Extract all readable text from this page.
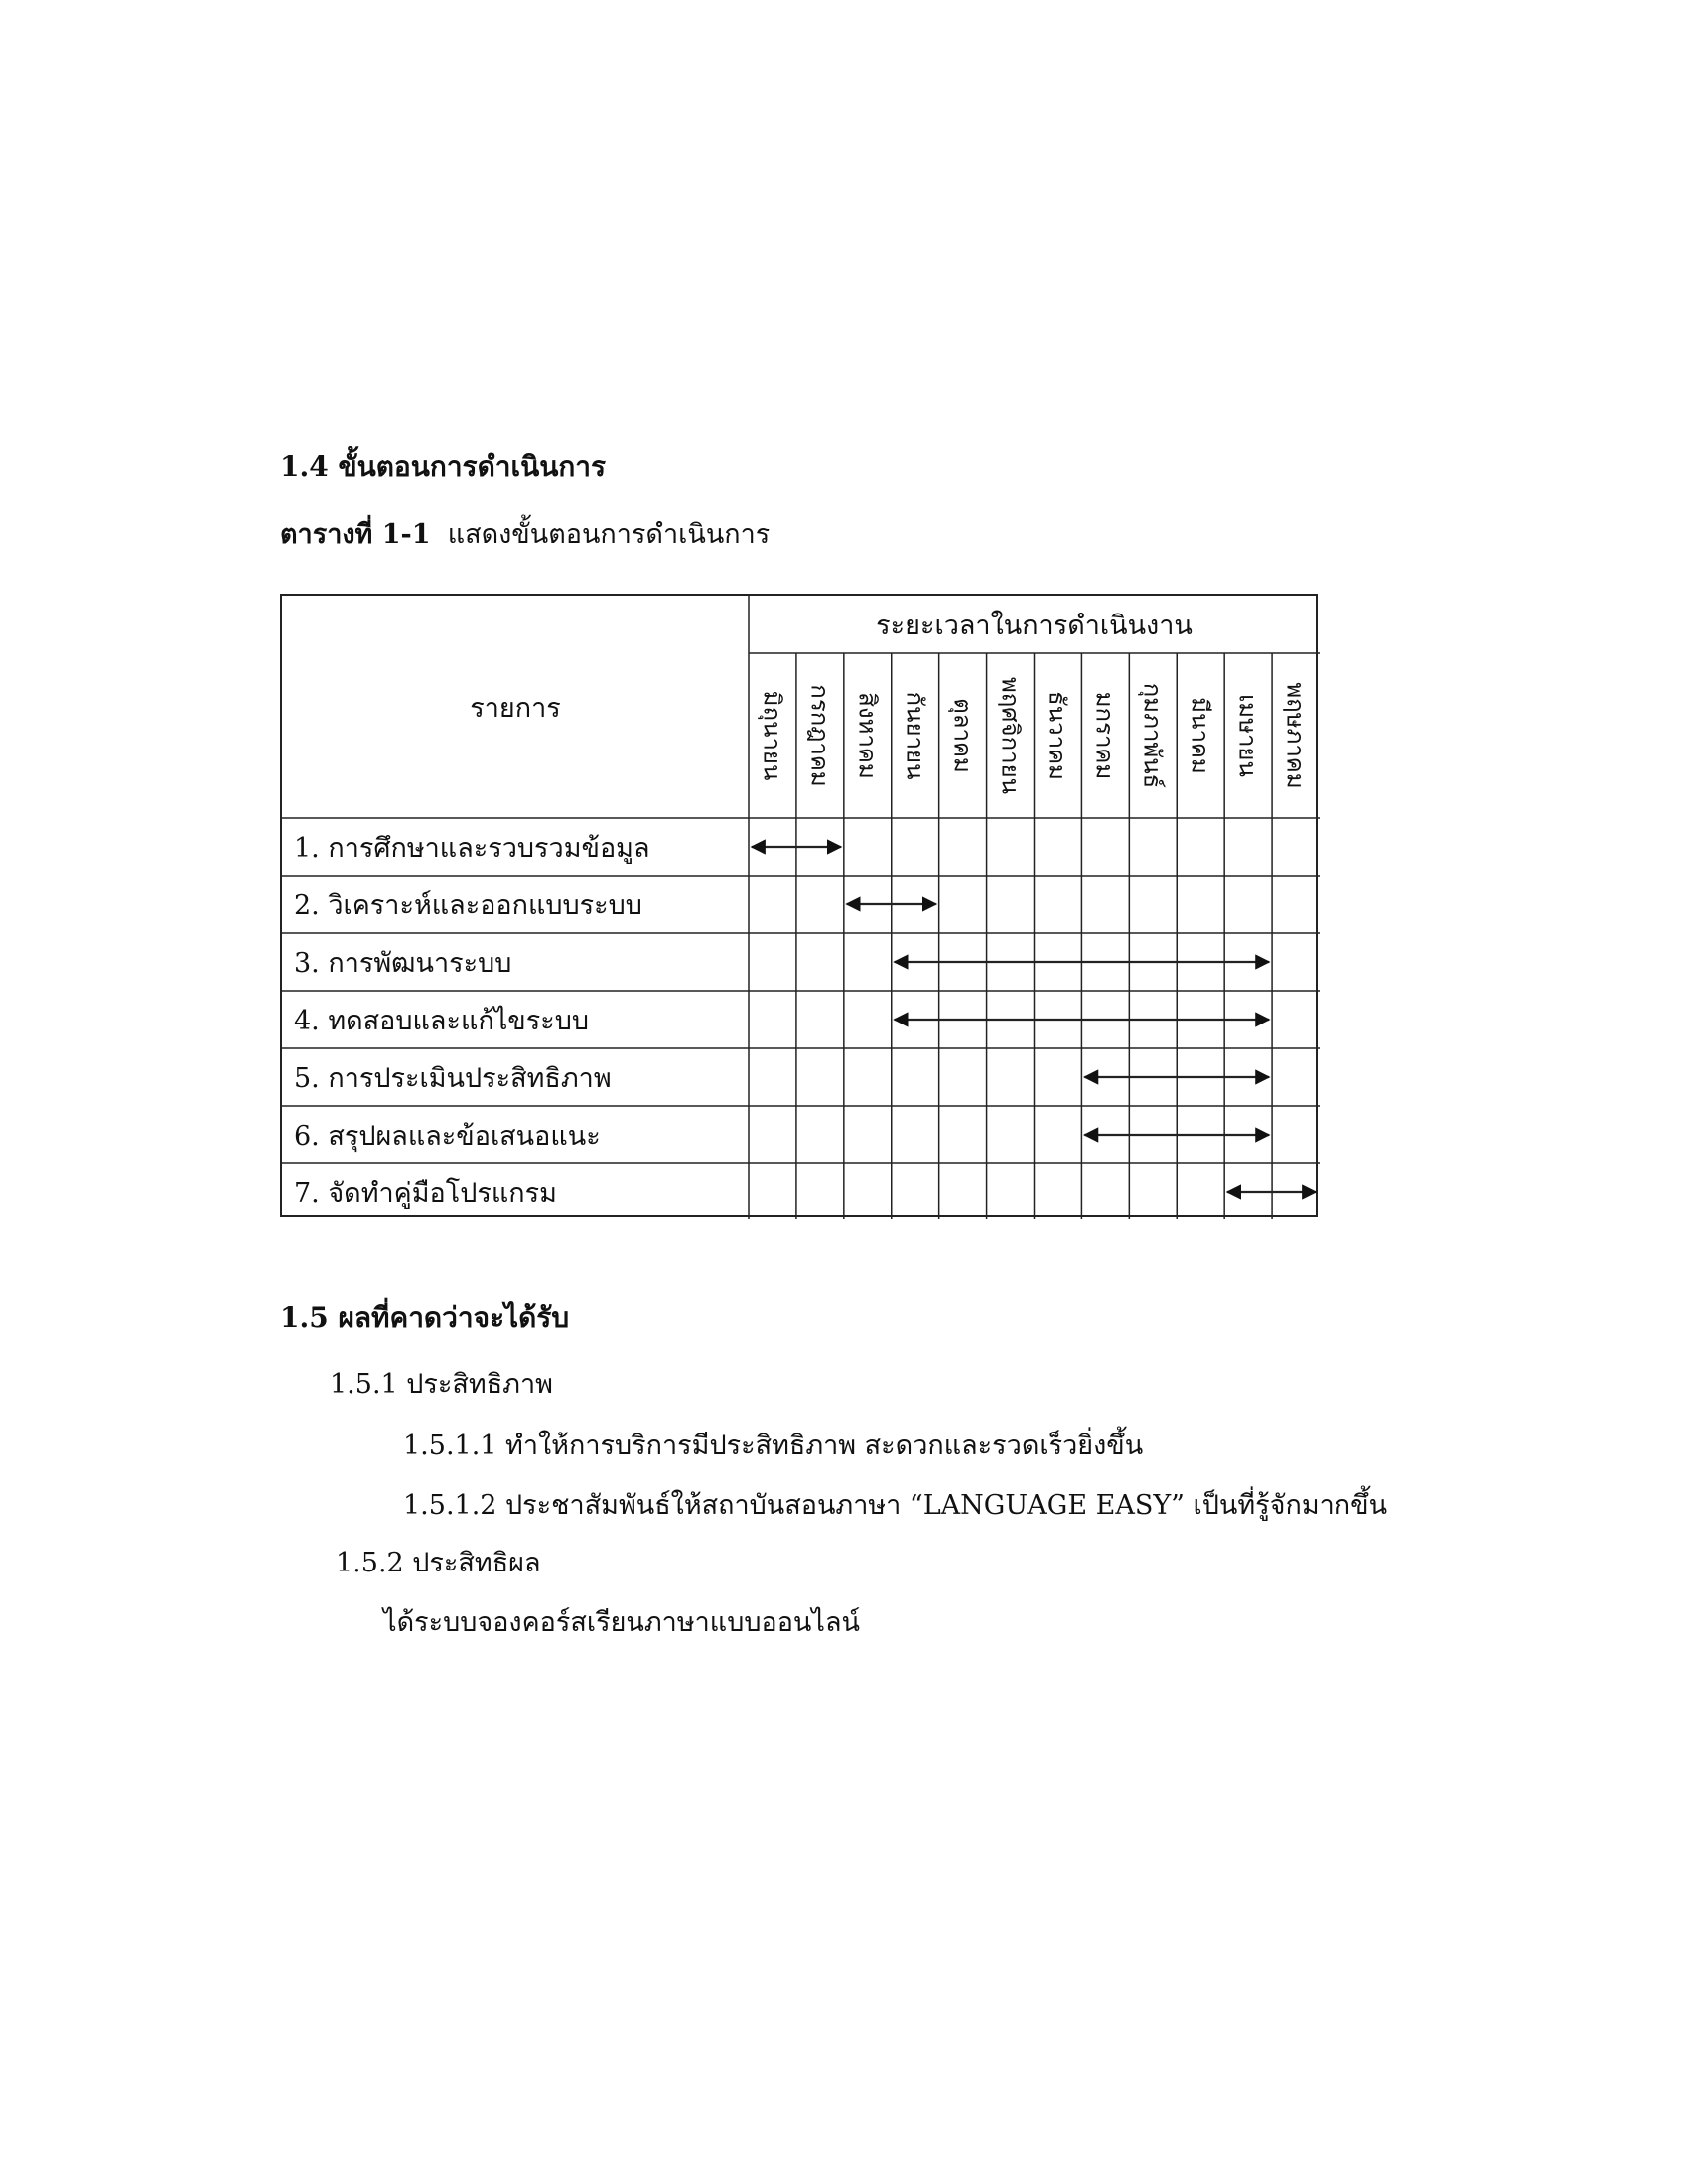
1.4 ขั้นตอนการดำเนินการ
ตารางที่ 1-1 แสดงขั้นตอนการดำเนินการ
รายการ
ระยะเวลาในการดำเนินงาน
มิถุนายน กรกฎาคม สิงหาคม กันยายน ตุลาคม พฤศจิกายน ธันวาคม มกราคม กุมภาพันธ์ มีนาคม เมษายน พฤษภาคม
1. การศึกษาและรวบรวมข้อมูล
2. วิเคราะห์และออกแบบระบบ
3. การพัฒนาระบบ
4. ทดสอบและแก้ไขระบบ
5. การประเมินประสิทธิภาพ
6. สรุปผลและข้อเสนอแนะ
7. จัดทำคู่มือโปรแกรม
1.5 ผลที่คาดว่าจะได้รับ
1.5.1 ประสิทธิภาพ
1.5.1.1 ทำให้การบริการมีประสิทธิภาพ สะดวกและรวดเร็วยิ่งขึ้น
1.5.1.2 ประชาสัมพันธ์ให้สถาบันสอนภาษา “LANGUAGE EASY” เป็นที่รู้จักมากขึ้น
1.5.2 ประสิทธิผล
ได้ระบบจองคอร์สเรียนภาษาแบบออนไลน์
